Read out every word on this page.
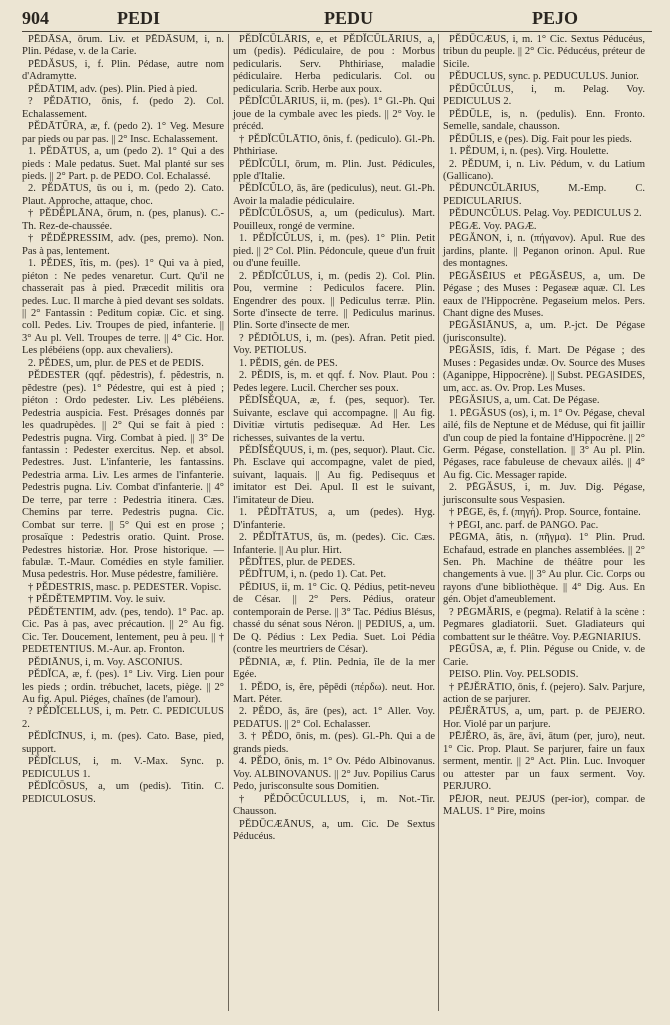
904	PEDI	PEDU	PEJO

PĒDĀSA, ōrum. Liv. et PĒDĀSUM, i, n. Plin. Pédase, v. de la Carie.

PĒDĂSUS, i, f. Plin. Pédase, autre nom d'Adramytte.

PĔDĀTIM, adv. (pes). Plin. Pied à pied.

? PĔDĀTIO, ōnis, f. (pedo 2). Col. Echalassement.

PĔDĀTŪRA, æ, f. (pedo 2). 1° Veg. Mesure par pieds ou par pas. || 2° Insc. Echalassement.

1. PĔDĀTUS, a, um (pedo 2). 1° Qui a des pieds : Male pedatus. Suet. Mal planté sur ses pieds. || 2° Part. p. de PEDO. Col. Echalassé.

2. PĔDĀTUS, ūs ou i, m. (pedo 2). Cato. Plaut. Approche, attaque, choc.

† PĔDĔPLĀNA, ōrum, n. (pes, planus). C.-Th. Rez-de-chaussée.

† PĔDĔPRESSIM, adv. (pes, premo). Non. Pas à pas, lentement.

1. PĔDES, ĭtis, m. (pes). 1° Qui va à pied, piéton : Ne pedes venaretur. Curt. Qu'il ne chasserait pas à pied. Præcedit militis ora pedes. Luc. Il marche à pied devant ses soldats. || 2° Fantassin : Peditum copiæ. Cic. et sing. coll. Pedes. Liv. Troupes de pied, infanterie. || 3° Au pl. Vell. Troupes de terre. || 4° Cic. Hor. Les plébéiens (opp. aux chevaliers).

2. PĔDES, um, plur. de PES et de PEDIS.

PĔDESTER (qqf. pĕdestris), f. pĕdestris, n. pĕdestre (pes). 1° Pédestre, qui est à pied ; piéton : Ordo pedester. Liv. Les plébéiens. Pedestria auspicia. Fest. Présages donnés par les quadrupèdes. || 2° Qui se fait à pied : Pedestris pugna. Virg. Combat à pied. || 3° De fantassin : Pedester exercitus. Nep. et absol. Pedestres. Just. L'infanterie, les fantassins. Pedestria arma. Liv. Les armes de l'infanterie. Pedestris pugna. Liv. Combat d'infanterie. || 4° De terre, par terre : Pedestria itinera. Cæs. Chemins par terre. Pedestris pugna. Cic. Combat sur terre. || 5° Qui est en prose ; prosaïque : Pedestris oratio. Quint. Prose. Pedestres historiæ. Hor. Prose historique. — fabulæ. T.-Maur. Comédies en style familier. Musa pedestris. Hor. Muse pédestre, familière.

† PĔDESTRIS, masc. p. PEDESTER. Vopisc.

† PĔDĔTEMPTIM. Voy. le suiv.

PĔDĔTENTIM, adv. (pes, tendo). 1° Pac. ap. Cic. Pas à pas, avec précaution. || 2° Au fig. Cic. Ter. Doucement, lentement, peu à peu. || † PEDETENTIUS. M.-Aur. ap. Fronton.

PĔDIĀNUS, i, m. Voy. ASCONIUS.

PĔDĬCA, æ, f. (pes). 1° Liv. Virg. Lien pour les pieds ; ordin. trébuchet, lacets, piège. || 2° Au fig. Apul. Piéges, chaînes (de l'amour).

? PĔDĬCELLUS, i, m. Petr. C. PEDICULUS 2.

PĔDĬCĪNUS, i, m. (pes). Cato. Base, pied, support.

PĔDĬCLUS, i, m. V.-Max. Sync. p. PEDICULUS 1.

PĔDĬCŌSUS, a, um (pedis). Titin. C. PEDICULOSUS.

PĔDĬCŪLĀRIS, e, et PĔDĬCŪLĀRIUS, a, um (pedis). Pédiculaire, de pou : Morbus pedicularis. Serv. Phthiriase, maladie pédiculaire. Herba pedicularis. Col. ou pedicularia. Scrib. Herbe aux poux.

PĔDĬCŪLĀRIUS, ii, m. (pes). 1° Gl.-Ph. Qui joue de la cymbale avec les pieds. || 2° Voy. le précéd.

† PĔDĬCŪLĀTIO, ōnis, f. (pediculo). Gl.-Ph. Phthiriase.

PĔDĬCŬLI, ōrum, m. Plin. Just. Pédicules, pple d'Italie.

PĔDĬCŬLO, ās, āre (pediculus), neut. Gl.-Ph. Avoir la maladie pédiculaire.

PĔDĬCŬLŌSUS, a, um (pediculus). Mart. Pouilleux, rongé de vermine.

1. PĔDĬCŬLUS, i, m. (pes). 1° Plin. Petit pied. || 2° Col. Plin. Pédoncule, queue d'un fruit ou d'une feuille.

2. PĔDĬCŬLUS, i, m. (pedis 2). Col. Plin. Pou, vermine : Pediculos facere. Plin. Engendrer des poux. || Pediculus terræ. Plin. Sorte d'insecte de terre. || Pediculus marinus. Plin. Sorte d'insecte de mer.

? PĔDIŎLUS, i, m. (pes). Afran. Petit pied. Voy. PETIOLUS.

1. PĔDIS, gén. de PES.

2. PĔDIS, is, m. et qqf. f. Nov. Plaut. Pou : Pedes legere. Lucil. Chercher ses poux.

PĔDĬSĔQUA, æ, f. (pes, sequor). Ter. Suivante, esclave qui accompagne. || Au fig. Divitiæ virtutis pedisequæ. Ad Her. Les richesses, suivantes de la vertu.

PĔDĬSĔQUUS, i, m. (pes, sequor). Plaut. Cic. Ph. Esclave qui accompagne, valet de pied, suivant, laquais. || Au fig. Pedisequus et imitator est Dei. Apul. Il est le suivant, l'imitateur de Dieu.

1. PĔDĬTĀTUS, a, um (pedes). Hyg. D'infanterie.

2. PĔDĬTĀTUS, ūs, m. (pedes). Cic. Cæs. Infanterie. || Au plur. Hirt.

PĔDĬTES, plur. de PEDES.

PĔDĬTUM, i, n. (pedo 1). Cat. Pet.

PĔDIUS, ii, m. 1° Cic. Q. Pédius, petit-neveu de César. || 2° Pers. Pédius, orateur contemporain de Perse. || 3° Tac. Pédius Blésus, chassé du sénat sous Néron. || PEDIUS, a, um. De Q. Pédius : Lex Pedia. Suet. Loi Pédia (contre les meurtriers de César).

PĔDNIA, æ, f. Plin. Pednia, île de la mer Egée.

1. PĔDO, is, ĕre, pĕpēdi (πέρδω). neut. Hor. Mart. Péter.

2. PĔDO, ās, āre (pes), act. 1° Aller. Voy. PEDATUS. || 2° Col. Echalasser.

3. † PĔDO, ōnis, m. (pes). Gl.-Ph. Qui a de grands pieds.

4. PĔDO, ōnis, m. 1° Ov. Pédo Albinovanus. Voy. ALBINOVANUS. || 2° Juv. Popilius Carus Pedo, jurisconsulte sous Domitien.

† PĔDŎCŬCULLUS, i, m. Not.-Tir. Chausson.

PĔDŪCÆĀNUS, a, um. Cic. De Sextus Péducéus.

PĔDŪCÆUS, i, m. 1° Cic. Sextus Péducéus, tribun du peuple. || 2° Cic. Péducéus, préteur de Sicile.

PĔDUCLUS, sync. p. PEDUCULUS. Junior.

PĔDŪCŬLUS, i, m. Pelag. Voy. PEDICULUS 2.

PĔDŪLE, is, n. (pedulis). Enn. Fronto. Semelle, sandale, chausson.

PĔDŪLIS, e (pes). Dig. Fait pour les pieds.

1. PĔDUM, i, n. (pes). Virg. Houlette.

2. PĔDUM, i, n. Liv. Pédum, v. du Latium (Gallicano).

PĔDUNCŬLĀRIUS, M.-Emp. C. PEDICULARIUS.

PĔDUNCŬLUS. Pelag. Voy. PEDICULUS 2.

PĒGÆ. Voy. PAGÆ.

PĒGĂNON, i, n. (πήγανον). Apul. Rue des jardins, plante. || Peganon orinon. Apul. Rue des montagnes.

PĒGĂSĒIUS et PĒGĂSĒUS, a, um. De Pégase ; des Muses : Pegaseæ aquæ. Cl. Les eaux de l'Hippocrène. Pegaseium melos. Pers. Chant digne des Muses.

PĒGĂSIĀNUS, a, um. P.-jct. De Pégase (jurisconsulte).

PĒGĂSIS, ĭdis, f. Mart. De Pégase ; des Muses : Pegasides undæ. Ov. Source des Muses (Aganippe, Hippocrène). || Subst. PEGASIDES, um, acc. as. Ov. Prop. Les Muses.

PĒGĂSIUS, a, um. Cat. De Pégase.

1. PĒGĂSUS (os), i, m. 1° Ov. Pégase, cheval ailé, fils de Neptune et de Méduse, qui fit jaillir d'un coup de pied la fontaine d'Hippocrène. || 2° Germ. Pégase, constellation. || 3° Au pl. Plin. Pégases, race fabuleuse de chevaux ailés. || 4° Au fig. Cic. Messager rapide.

2. PĒGĂSUS, i, m. Juv. Dig. Pégase, jurisconsulte sous Vespasien.

† PĒGE, ēs, f. (πηγή). Prop. Source, fontaine.

† PĒGI, anc. parf. de PANGO. Pac.

PĒGMA, ătis, n. (πῆγμα). 1° Plin. Prud. Echafaud, estrade en planches assemblées. || 2° Sen. Ph. Machine de théâtre pour les changements à vue. || 3° Au plur. Cic. Corps ou rayons d'une bibliothèque. || 4° Dig. Aus. En gén. Objet d'ameublement.

? PĒGMĂRIS, e (pegma). Relatif à la scène : Pegmares gladiatorii. Suet. Gladiateurs qui combattent sur le théâtre. Voy. PÆGNIARIUS.

PĒGŪSA, æ, f. Plin. Péguse ou Cnide, v. de Carie.

PEISO. Plin. Voy. PELSODIS.

† PĒJĔRĀTIO, ōnis, f. (pejero). Salv. Parjure, action de se parjurer.

PĒJĔRĀTUS, a, um, part. p. de PEJERO. Hor. Violé par un parjure.

PĒJĔRO, ās, āre, āvi, ātum (per, juro), neut. 1° Cic. Prop. Plaut. Se parjurer, faire un faux serment, mentir. || 2° Act. Plin. Luc. Invoquer ou attester par un faux serment. Voy. PERJURO.

PĒJOR, neut. PEJUS (per-ior), compar. de MALUS. 1° Pire, moins
